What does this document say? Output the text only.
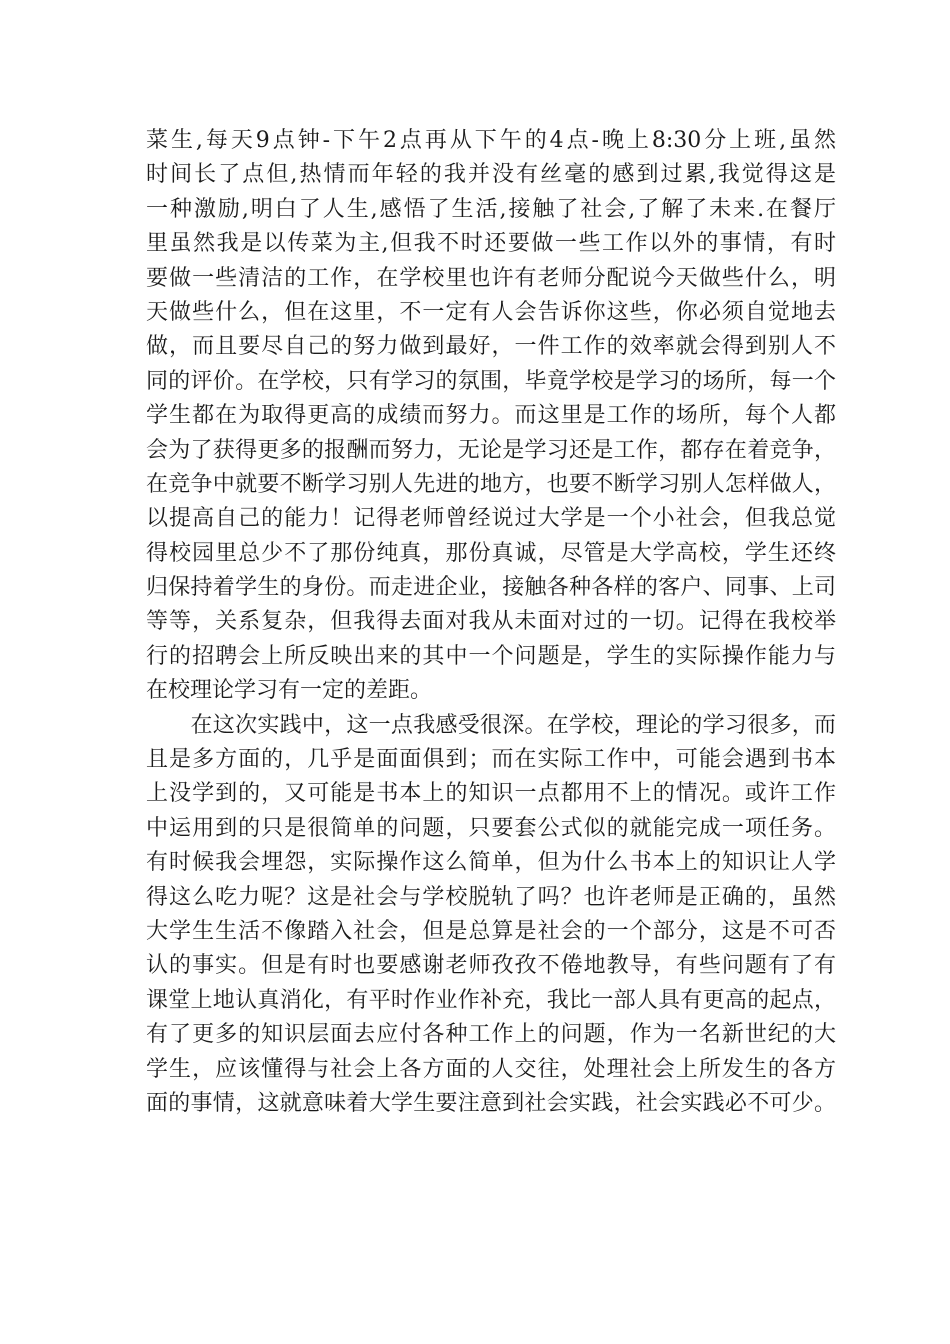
菜生,每天9点钟-下午2点再从下午的4点-晚上8:30分上班,虽然
时间长了点但,热情而年轻的我并没有丝毫的感到过累,我觉得这是
一种激励,明白了人生,感悟了生活,接触了社会,了解了未来.在餐厅
里虽然我是以传菜为主,但我不时还要做一些工作以外的事情，有时
要做一些清洁的工作，在学校里也许有老师分配说今天做些什么，明
天做些什么，但在这里，不一定有人会告诉你这些，你必须自觉地去
做，而且要尽自己的努力做到最好，一件工作的效率就会得到别人不
同的评价。在学校，只有学习的氛围，毕竟学校是学习的场所，每一个
学生都在为取得更高的成绩而努力。而这里是工作的场所，每个人都
会为了获得更多的报酬而努力，无论是学习还是工作，都存在着竞争，
在竞争中就要不断学习别人先进的地方，也要不断学习别人怎样做人，
以提高自己的能力！记得老师曾经说过大学是一个小社会，但我总觉
得校园里总少不了那份纯真，那份真诚，尽管是大学高校，学生还终
归保持着学生的身份。而走进企业，接触各种各样的客户、同事、上司
等等，关系复杂，但我得去面对我从未面对过的一切。记得在我校举
行的招聘会上所反映出来的其中一个问题是，学生的实际操作能力与
在校理论学习有一定的差距。
　　在这次实践中，这一点我感受很深。在学校，理论的学习很多，而
且是多方面的，几乎是面面俱到；而在实际工作中，可能会遇到书本
上没学到的，又可能是书本上的知识一点都用不上的情况。或许工作
中运用到的只是很简单的问题，只要套公式似的就能完成一项任务。
有时候我会埋怨，实际操作这么简单，但为什么书本上的知识让人学
得这么吃力呢？这是社会与学校脱轨了吗？也许老师是正确的，虽然
大学生生活不像踏入社会，但是总算是社会的一个部分，这是不可否
认的事实。但是有时也要感谢老师孜孜不倦地教导，有些问题有了有
课堂上地认真消化，有平时作业作补充，我比一部人具有更高的起点，
有了更多的知识层面去应付各种工作上的问题，作为一名新世纪的大
学生，应该懂得与社会上各方面的人交往，处理社会上所发生的各方
面的事情，这就意味着大学生要注意到社会实践，社会实践必不可少。
